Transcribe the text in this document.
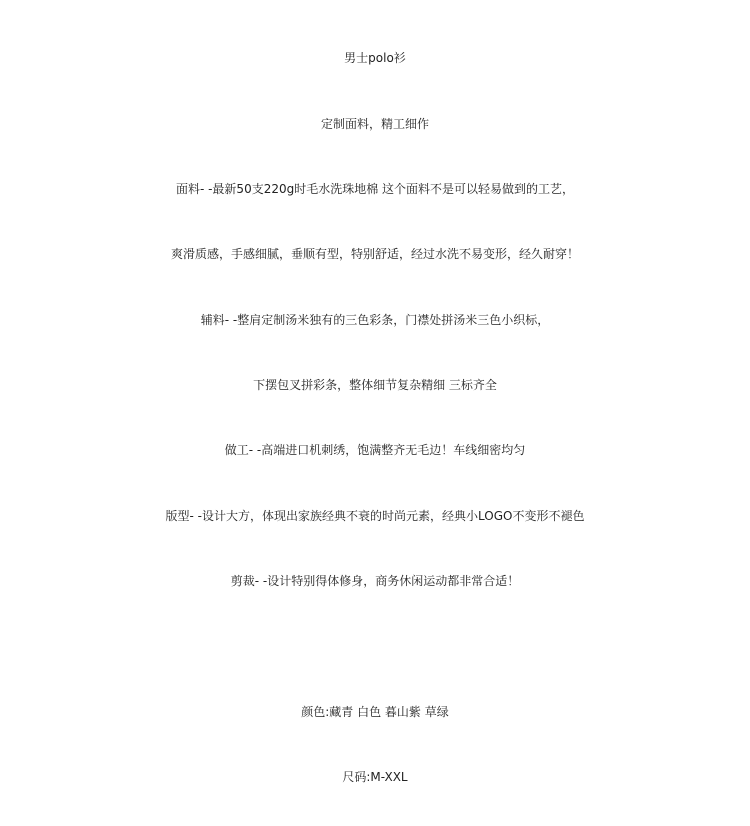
男士polo衫
定制面料，精工细作
面料- -最新50支220g时毛水洗珠地棉 这个面料不是可以轻易做到的工艺，
爽滑质感，手感细腻，垂顺有型，特别舒适，经过水洗不易变形，经久耐穿！
辅料- -整肩定制汤米独有的三色彩条，门襟处拼汤米三色小织标，
下摆包叉拼彩条，整体细节复杂精细 三标齐全
做工- -高端进口机刺绣，饱满整齐无毛边！车线细密均匀
版型- -设计大方，体现出家族经典不衰的时尚元素，经典小LOGO不变形不褪色
剪裁- -设计特别得体修身，商务休闲运动都非常合适！
颜色:藏青 白色 暮山紫 草绿
尺码:M-XXL
